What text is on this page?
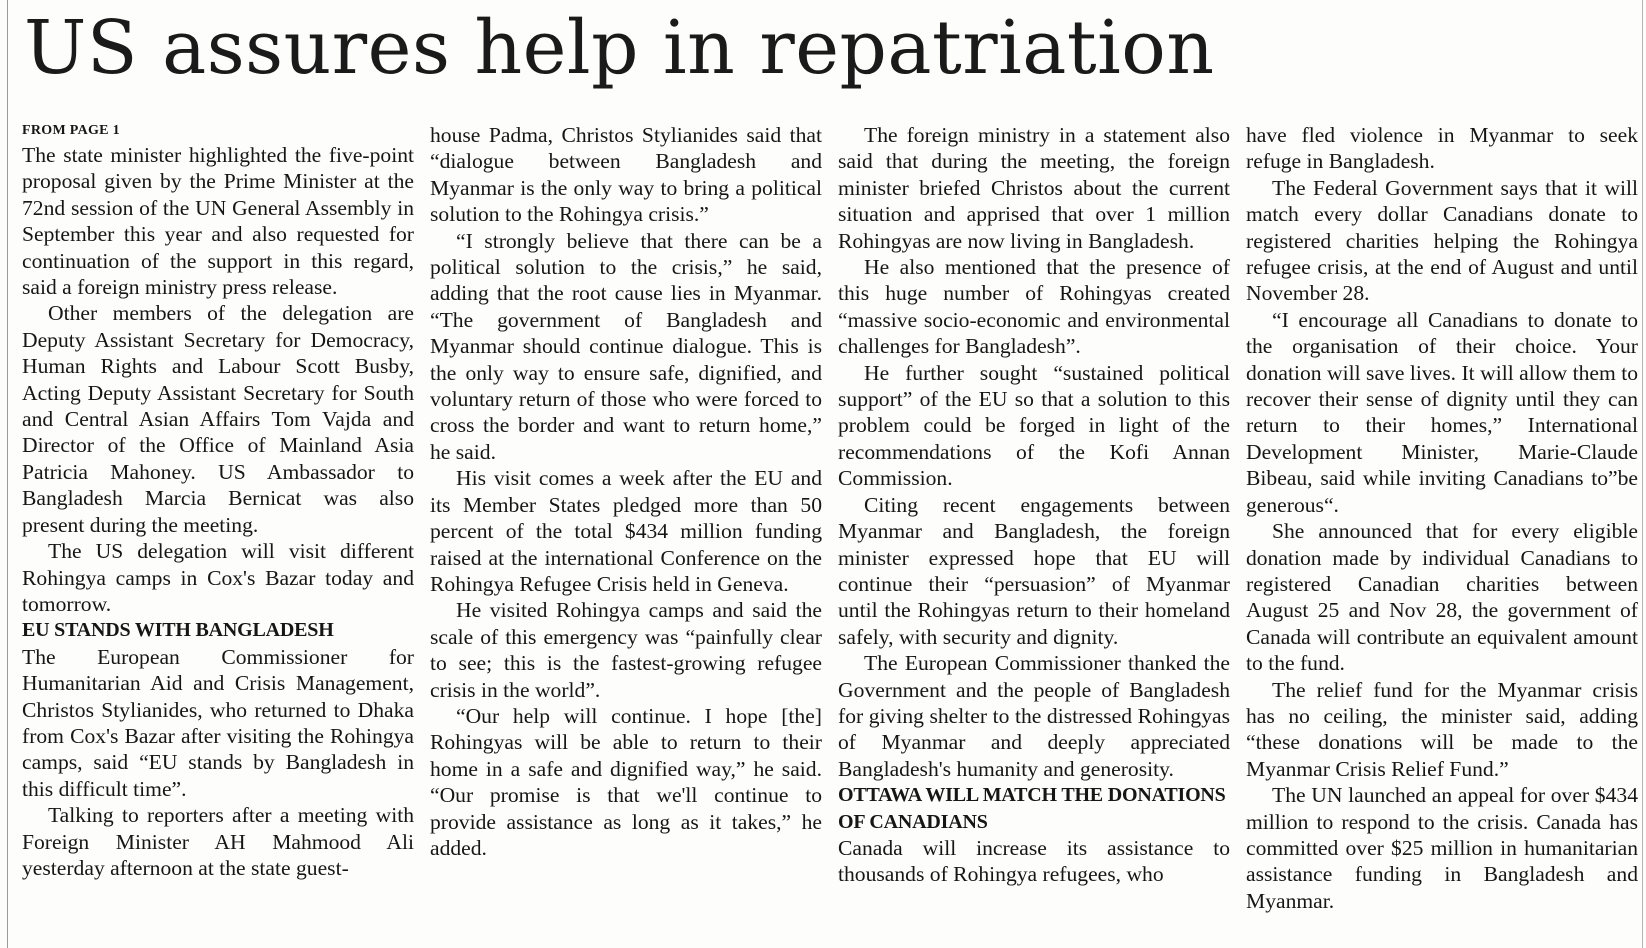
US assures help in repatriation
FROM PAGE 1

The state minister highlighted the five-point proposal given by the Prime Minister at the 72nd session of the UN General Assembly in September this year and also requested for continuation of the support in this regard, said a foreign ministry press release.

Other members of the delegation are Deputy Assistant Secretary for Democracy, Human Rights and Labour Scott Busby, Acting Deputy Assistant Secretary for South and Central Asian Affairs Tom Vajda and Director of the Office of Mainland Asia Patricia Mahoney. US Ambassador to Bangladesh Marcia Bernicat was also present during the meeting.

The US delegation will visit different Rohingya camps in Cox's Bazar today and tomorrow.

EU STANDS WITH BANGLADESH

The European Commissioner for Humanitarian Aid and Crisis Management, Christos Stylianides, who returned to Dhaka from Cox's Bazar after visiting the Rohingya camps, said “EU stands by Bangladesh in this difficult time”.

Talking to reporters after a meeting with Foreign Minister AH Mahmood Ali yesterday afternoon at the state guest-

house Padma, Christos Stylianides said that “dialogue between Bangladesh and Myanmar is the only way to bring a political solution to the Rohingya crisis.”

“I strongly believe that there can be a political solution to the crisis,” he said, adding that the root cause lies in Myanmar. “The government of Bangladesh and Myanmar should continue dialogue. This is the only way to ensure safe, dignified, and voluntary return of those who were forced to cross the border and want to return home,” he said.

His visit comes a week after the EU and its Member States pledged more than 50 percent of the total $434 million funding raised at the international Conference on the Rohingya Refugee Crisis held in Geneva.

He visited Rohingya camps and said the scale of this emergency was “painfully clear to see; this is the fastest-growing refugee crisis in the world”.

“Our help will continue. I hope [the] Rohingyas will be able to return to their home in a safe and dignified way,” he said. “Our promise is that we'll continue to provide assistance as long as it takes,” he added.

The foreign ministry in a statement also said that during the meeting, the foreign minister briefed Christos about the current situation and apprised that over 1 million Rohingyas are now living in Bangladesh.

He also mentioned that the presence of this huge number of Rohingyas created “massive socio-economic and environmental challenges for Bangladesh”.

He further sought “sustained political support” of the EU so that a solution to this problem could be forged in light of the recommendations of the Kofi Annan Commission.

Citing recent engagements between Myanmar and Bangladesh, the foreign minister expressed hope that EU will continue their “persuasion” of Myanmar until the Rohingyas return to their homeland safely, with security and dignity.

The European Commissioner thanked the Government and the people of Bangladesh for giving shelter to the distressed Rohingyas of Myanmar and deeply appreciated Bangladesh's humanity and generosity.

OTTAWA WILL MATCH THE DONATIONS OF CANADIANS

Canada will increase its assistance to thousands of Rohingya refugees, who

have fled violence in Myanmar to seek refuge in Bangladesh.

The Federal Government says that it will match every dollar Canadians donate to registered charities helping the Rohingya refugee crisis, at the end of August and until November 28.

“I encourage all Canadians to donate to the organisation of their choice. Your donation will save lives. It will allow them to recover their sense of dignity until they can return to their homes,” International Development Minister, Marie-Claude Bibeau, said while inviting Canadians to”be generous“.

She announced that for every eligible donation made by individual Canadians to registered Canadian charities between August 25 and Nov 28, the government of Canada will contribute an equivalent amount to the fund.

The relief fund for the Myanmar crisis has no ceiling, the minister said, adding “these donations will be made to the Myanmar Crisis Relief Fund.”

The UN launched an appeal for over $434 million to respond to the crisis. Canada has committed over $25 million in humanitarian assistance funding in Bangladesh and Myanmar.
